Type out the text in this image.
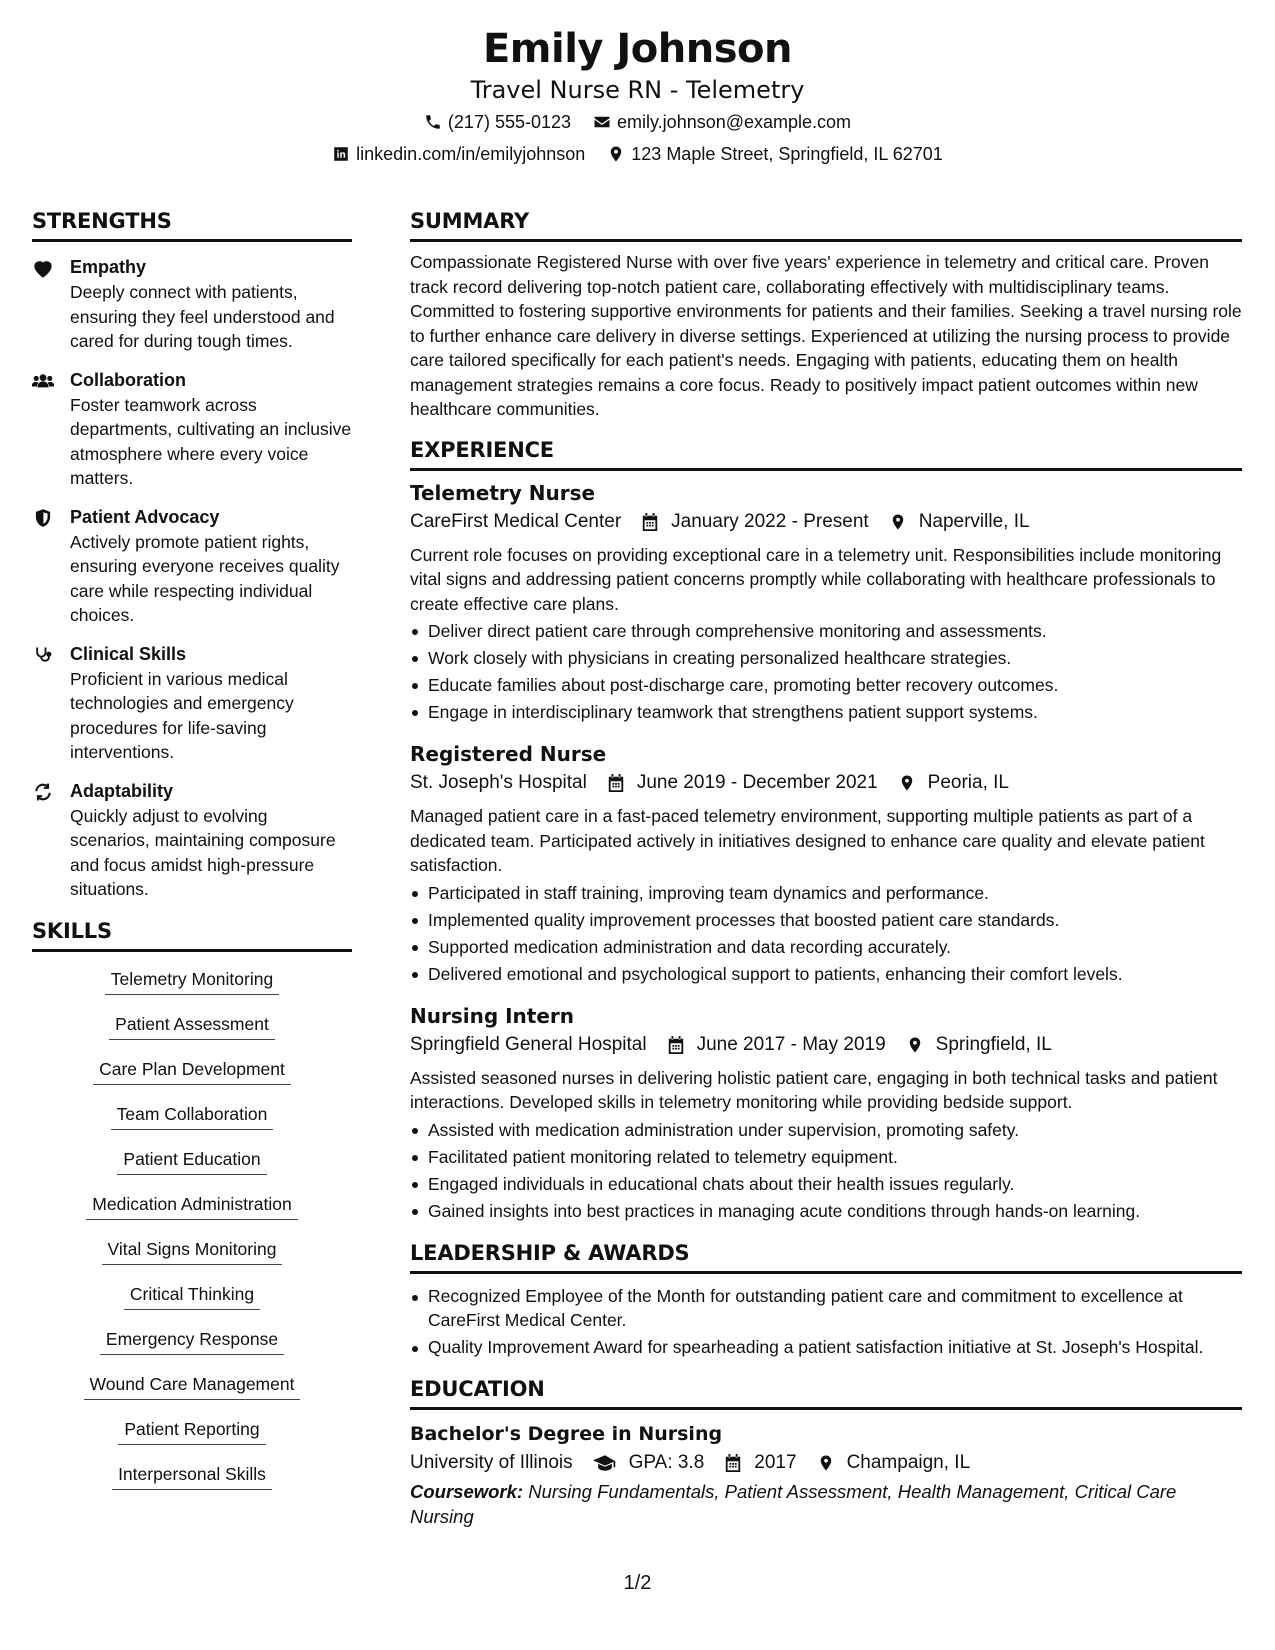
Emily Johnson
Travel Nurse RN - Telemetry
(217) 555-0123	emily.johnson@example.com
linkedin.com/in/emilyjohnson	123 Maple Street, Springfield, IL 62701
STRENGTHS
Empathy
Deeply connect with patients, ensuring they feel understood and cared for during tough times.
Collaboration
Foster teamwork across departments, cultivating an inclusive atmosphere where every voice matters.
Patient Advocacy
Actively promote patient rights, ensuring everyone receives quality care while respecting individual choices.
Clinical Skills
Proficient in various medical technologies and emergency procedures for life-saving interventions.
Adaptability
Quickly adjust to evolving scenarios, maintaining composure and focus amidst high-pressure situations.
SKILLS
Telemetry Monitoring
Patient Assessment
Care Plan Development
Team Collaboration
Patient Education
Medication Administration
Vital Signs Monitoring
Critical Thinking
Emergency Response
Wound Care Management
Patient Reporting
Interpersonal Skills
SUMMARY
Compassionate Registered Nurse with over five years' experience in telemetry and critical care. Proven track record delivering top-notch patient care, collaborating effectively with multidisciplinary teams. Committed to fostering supportive environments for patients and their families. Seeking a travel nursing role to further enhance care delivery in diverse settings. Experienced at utilizing the nursing process to provide care tailored specifically for each patient's needs. Engaging with patients, educating them on health management strategies remains a core focus. Ready to positively impact patient outcomes within new healthcare communities.
EXPERIENCE
Telemetry Nurse
CareFirst Medical Center	January 2022 - Present	Naperville, IL
Current role focuses on providing exceptional care in a telemetry unit. Responsibilities include monitoring vital signs and addressing patient concerns promptly while collaborating with healthcare professionals to create effective care plans.
Deliver direct patient care through comprehensive monitoring and assessments.
Work closely with physicians in creating personalized healthcare strategies.
Educate families about post-discharge care, promoting better recovery outcomes.
Engage in interdisciplinary teamwork that strengthens patient support systems.
Registered Nurse
St. Joseph's Hospital	June 2019 - December 2021	Peoria, IL
Managed patient care in a fast-paced telemetry environment, supporting multiple patients as part of a dedicated team. Participated actively in initiatives designed to enhance care quality and elevate patient satisfaction.
Participated in staff training, improving team dynamics and performance.
Implemented quality improvement processes that boosted patient care standards.
Supported medication administration and data recording accurately.
Delivered emotional and psychological support to patients, enhancing their comfort levels.
Nursing Intern
Springfield General Hospital	June 2017 - May 2019	Springfield, IL
Assisted seasoned nurses in delivering holistic patient care, engaging in both technical tasks and patient interactions. Developed skills in telemetry monitoring while providing bedside support.
Assisted with medication administration under supervision, promoting safety.
Facilitated patient monitoring related to telemetry equipment.
Engaged individuals in educational chats about their health issues regularly.
Gained insights into best practices in managing acute conditions through hands-on learning.
LEADERSHIP & AWARDS
Recognized Employee of the Month for outstanding patient care and commitment to excellence at CareFirst Medical Center.
Quality Improvement Award for spearheading a patient satisfaction initiative at St. Joseph's Hospital.
EDUCATION
Bachelor's Degree in Nursing
University of Illinois	GPA: 3.8	2017	Champaign, IL
Coursework: Nursing Fundamentals, Patient Assessment, Health Management, Critical Care Nursing
1/2
